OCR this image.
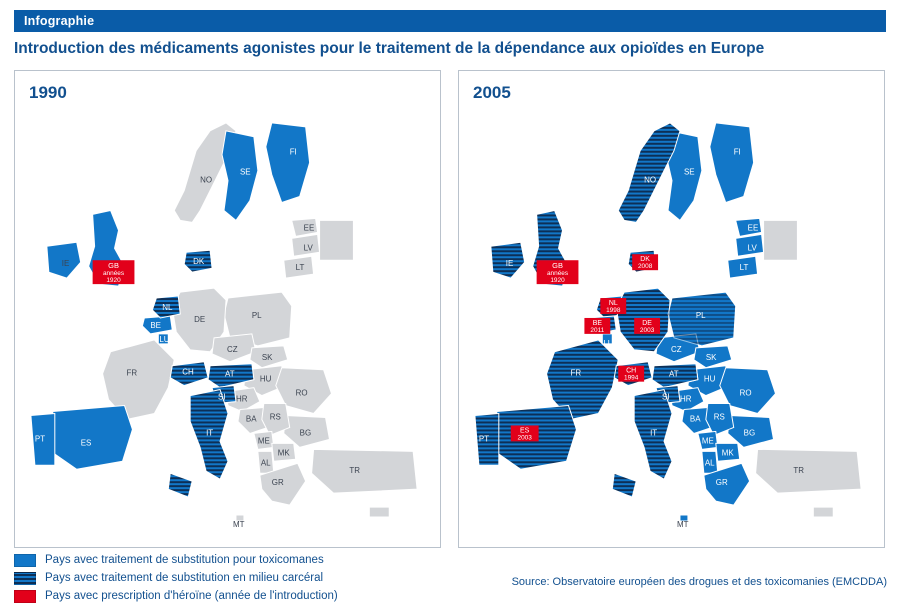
Infographie
Introduction des médicaments agonistes pour le traitement de la dépendance aux opioïdes en Europe
IE
NO
SE
FI
EE
LV
LT
DK
NL
BE
LU
DE	PL
CZ
SK
AT
HU
CH
FR
SI HR
BA RS
ME
MK
AL
GR
BG
RO
TR
IT
ES
PT
MT
GB
années
1920
1990
IE
NO
SE
FI
EE
LV
LT
LU
PL
CZ
SK
AT
HU
FR
SI HR
BA RS
ME
MK
AL
GR
BG
RO
TR
IT
PT
MT
GB
années
1920
DK
2008
NL
1998
BE
2011
DE
2003
CH
1994
ES
2003
2005
Pays avec traitement de substitution pour toxicomanes
Pays avec traitement de substitution en milieu carcéral
Pays avec prescription d'héroïne (année de l'introduction)
Source: Observatoire européen des drogues et des toxicomanies (EMCDDA)
